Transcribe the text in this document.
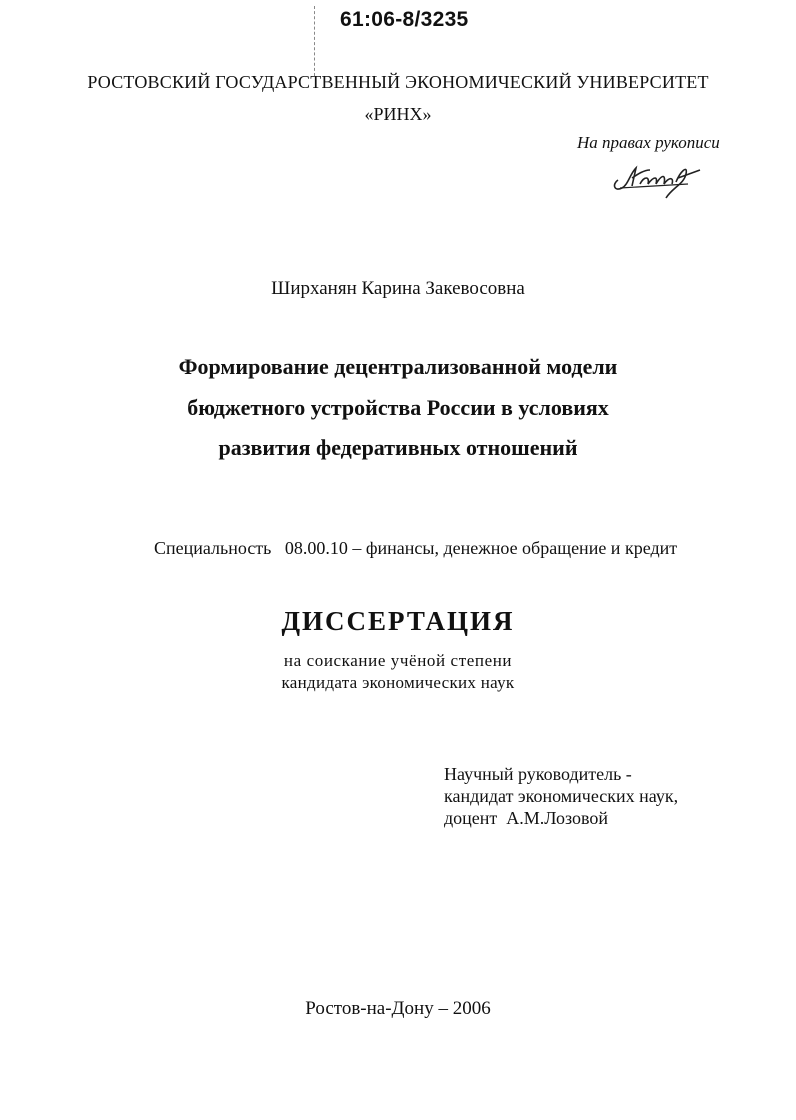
61:06-8/3235
РОСТОВСКИЙ ГОСУДАРСТВЕННЫЙ ЭКОНОМИЧЕСКИЙ УНИВЕРСИТЕТ
«РИНХ»
На правах рукописи
Ширханян Карина Закевосовна
Формирование децентрализованной модели
бюджетного устройства России в условиях
развития федеративных отношений
Специальность   08.00.10 – финансы, денежное обращение и кредит
ДИССЕРТАЦИЯ
на соискание учёной степени
кандидата экономических наук
Научный руководитель -
кандидат экономических наук,
доцент  А.М.Лозовой
Ростов-на-Дону – 2006
